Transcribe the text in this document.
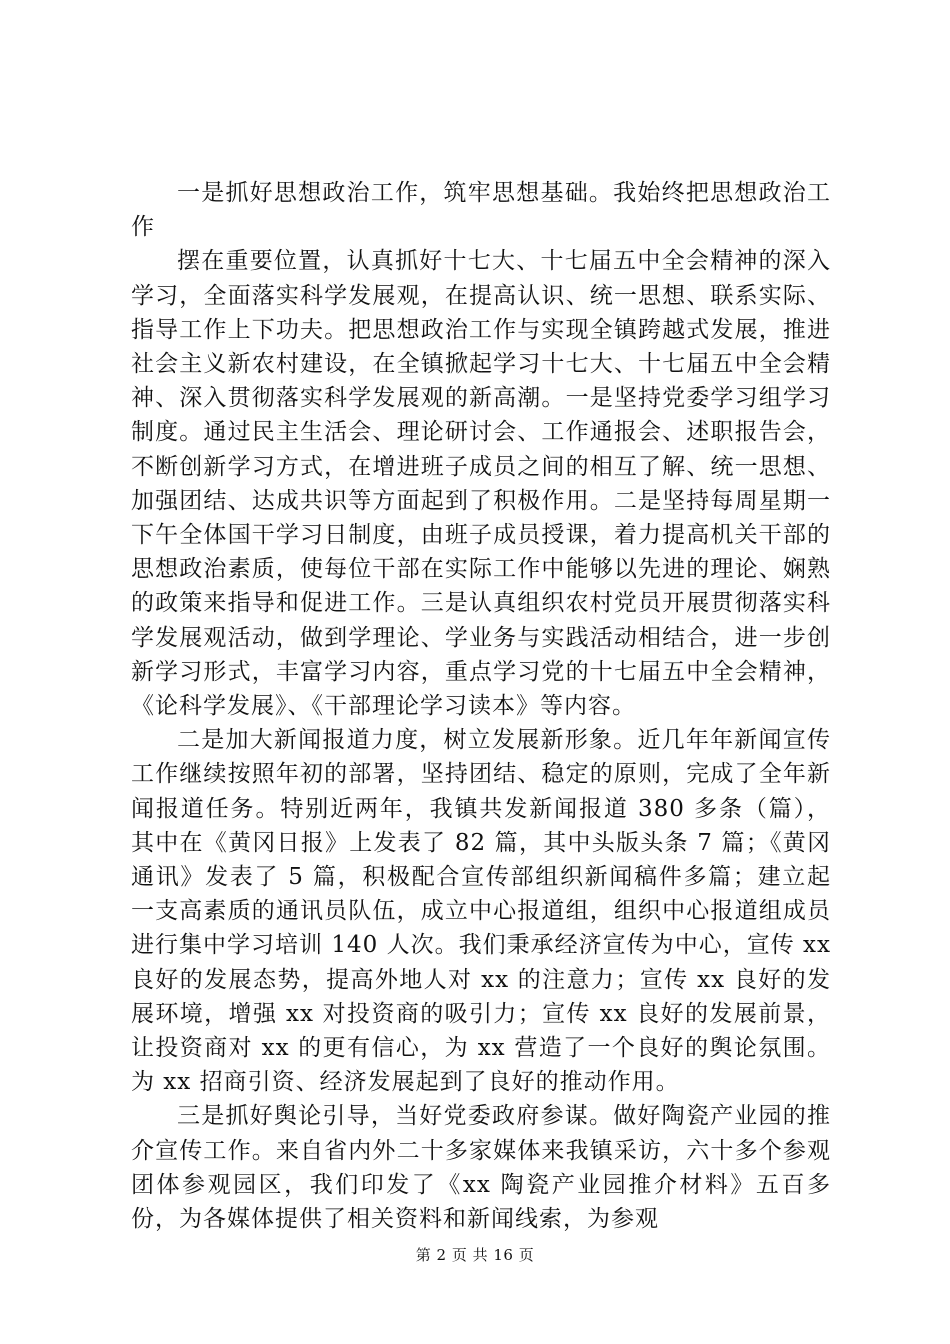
一是抓好思想政治工作，筑牢思想基础。我始终把思想政治工作

摆在重要位置，认真抓好十七大、十七届五中全会精神的深入学习，全面落实科学发展观，在提高认识、统一思想、联系实际、指导工作上下功夫。把思想政治工作与实现全镇跨越式发展，推进社会主义新农村建设，在全镇掀起学习十七大、十七届五中全会精神、深入贯彻落实科学发展观的新高潮。一是坚持党委学习组学习制度。通过民主生活会、理论研讨会、工作通报会、述职报告会，不断创新学习方式，在增进班子成员之间的相互了解、统一思想、加强团结、达成共识等方面起到了积极作用。二是坚持每周星期一下午全体国干学习日制度，由班子成员授课，着力提高机关干部的思想政治素质，使每位干部在实际工作中能够以先进的理论、娴熟的政策来指导和促进工作。三是认真组织农村党员开展贯彻落实科学发展观活动，做到学理论、学业务与实践活动相结合，进一步创新学习形式，丰富学习内容，重点学习党的十七届五中全会精神，《论科学发展》、《干部理论学习读本》等内容。

二是加大新闻报道力度，树立发展新形象。近几年年新闻宣传工作继续按照年初的部署，坚持团结、稳定的原则，完成了全年新闻报道任务。特别近两年，我镇共发新闻报道 380 多条（篇），其中在《黄冈日报》上发表了 82 篇，其中头版头条 7 篇；《黄冈通讯》发表了 5 篇，积极配合宣传部组织新闻稿件多篇；建立起一支高素质的通讯员队伍，成立中心报道组，组织中心报道组成员进行集中学习培训 140 人次。我们秉承经济宣传为中心，宣传 xx 良好的发展态势，提高外地人对 xx 的注意力；宣传 xx 良好的发展环境，增强 xx 对投资商的吸引力；宣传 xx 良好的发展前景，让投资商对 xx 的更有信心，为 xx 营造了一个良好的舆论氛围。为 xx 招商引资、经济发展起到了良好的推动作用。

三是抓好舆论引导，当好党委政府参谋。做好陶瓷产业园的推介宣传工作。来自省内外二十多家媒体来我镇采访，六十多个参观团体参观园区，我们印发了《xx 陶瓷产业园推介材料》五百多份，为各媒体提供了相关资料和新闻线索，为参观

第 2 页 共 16 页
